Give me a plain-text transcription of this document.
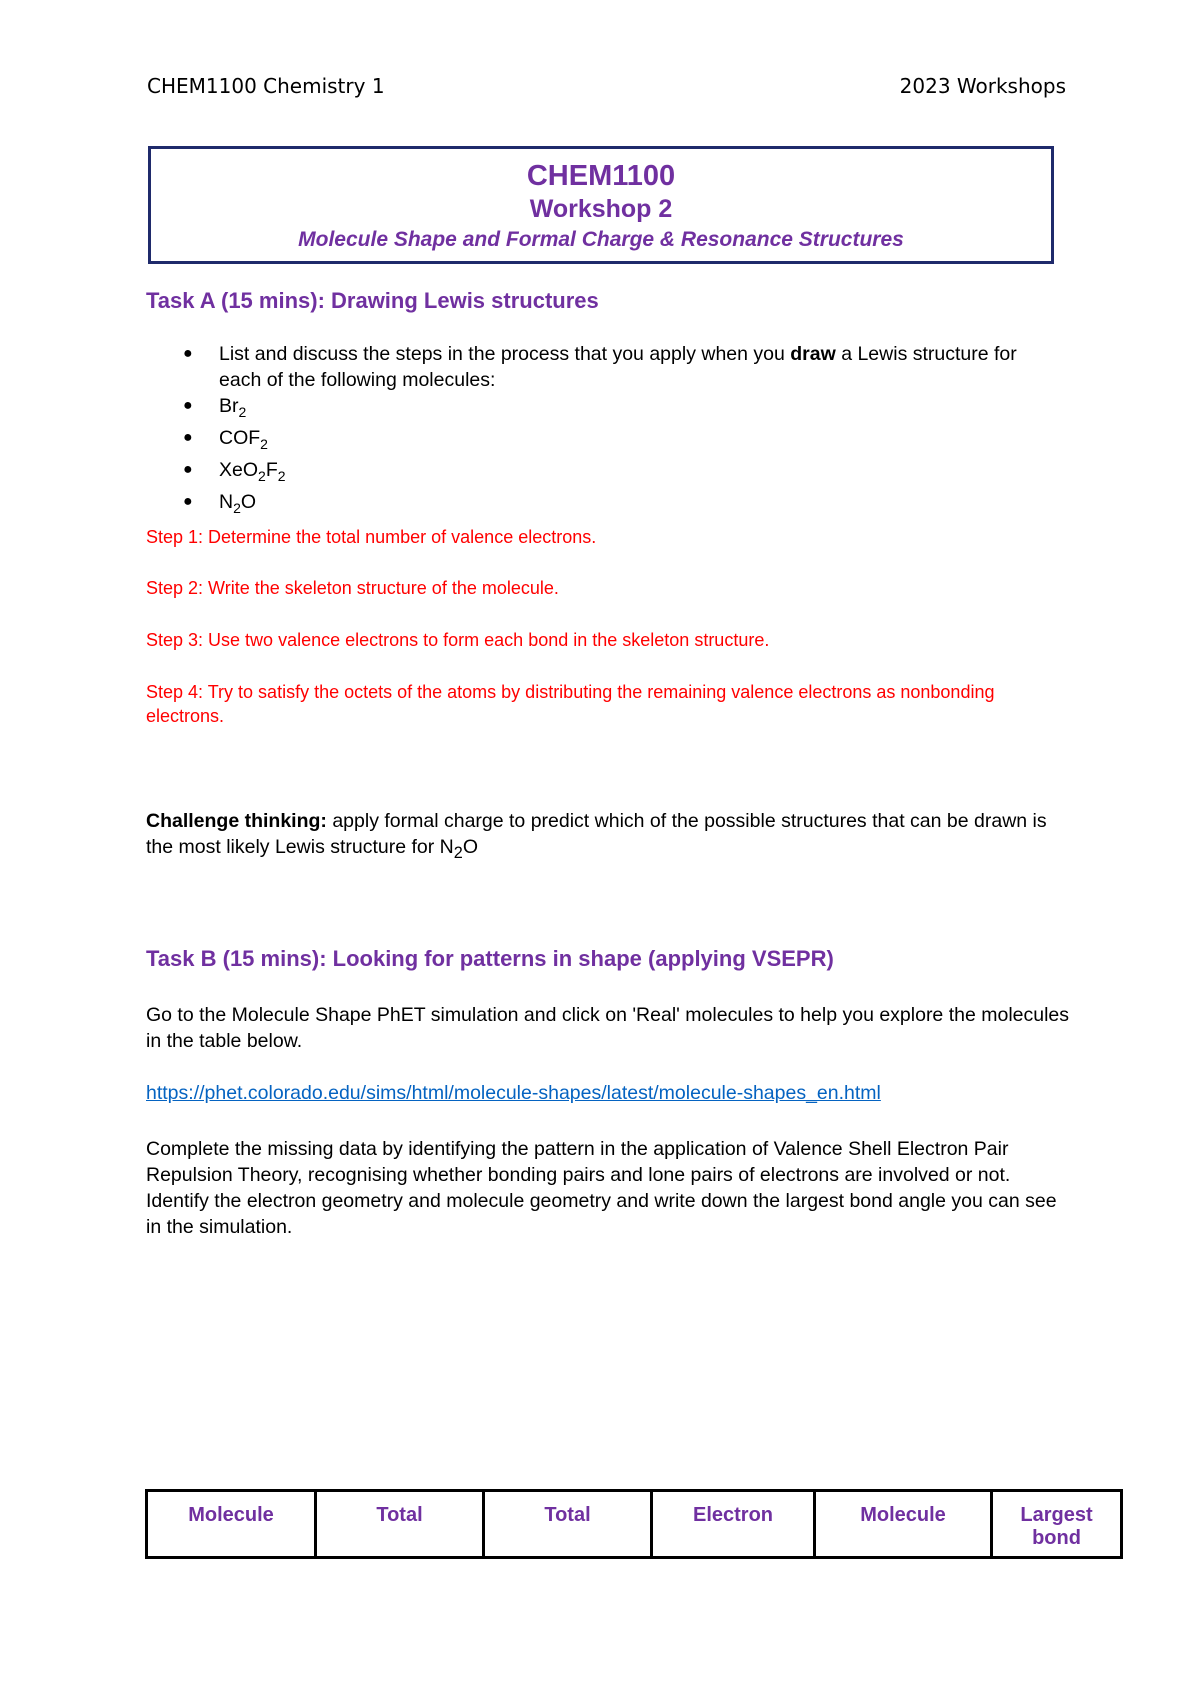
CHEM1100 Chemistry 1	2023 Workshops
CHEM1100
Workshop 2
Molecule Shape and Formal Charge & Resonance Structures
Task A (15 mins): Drawing Lewis structures
● List and discuss the steps in the process that you apply when you draw a Lewis structure for each of the following molecules:
● $Br_2$
● $COF_2$
● $XeO_2F_2$
● $N_2O$
Step 1: Determine the total number of valence electrons.
Step 2: Write the skeleton structure of the molecule.
Step 3: Use two valence electrons to form each bond in the skeleton structure.
Step 4: Try to satisfy the octets of the atoms by distributing the remaining valence electrons as nonbonding electrons.
Challenge thinking: apply formal charge to predict which of the possible structures that can be drawn is the most likely Lewis structure for $N_2O$
Task B (15 mins): Looking for patterns in shape (applying VSEPR)
Go to the Molecule Shape PhET simulation and click on 'Real' molecules to help you explore the molecules in the table below.
https://phet.colorado.edu/sims/html/molecule-shapes/latest/molecule-shapes_en.html
Complete the missing data by identifying the pattern in the application of Valence Shell Electron Pair Repulsion Theory, recognising whether bonding pairs and lone pairs of electrons are involved or not. Identify the electron geometry and molecule geometry and write down the largest bond angle you can see in the simulation.
Molecule	Total	Total	Electron	Molecule	Largest bond
